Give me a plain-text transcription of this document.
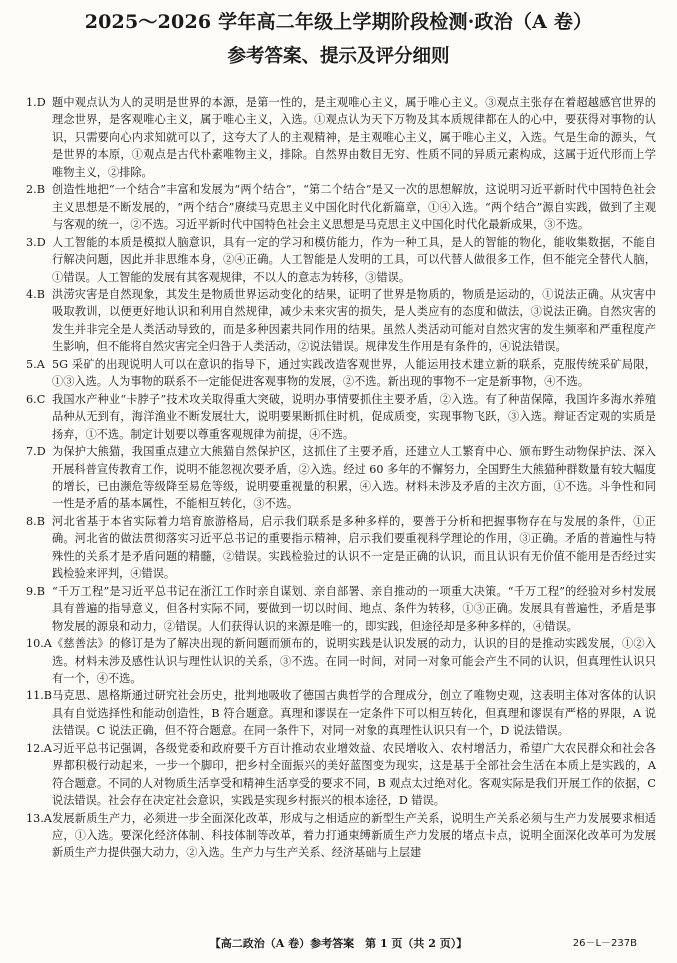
2025～2026 学年高二年级上学期阶段检测·政治（A 卷）
参考答案、提示及评分细则

1.D 题中观点认为人的灵明是世界的本源，是第一性的，是主观唯心主义，属于唯心主义。③观点主张存在着超越感官世界的理念世界，是客观唯心主义，属于唯心主义，入选。①观点认为天下万物及其本质规律都在人的心中，要获得对事物的认识，只需要向心内求知就可以了，这夸大了人的主观精神，是主观唯心主义，属于唯心主义，入选。气是生命的源头，气是世界的本原，①观点是古代朴素唯物主义，排除。自然界由数目无穷、性质不同的异质元素构成，这属于近代形而上学唯物主义，②排除。

2.B 创造性地把“一个结合”丰富和发展为“两个结合”，“第二个结合”是又一次的思想解放，这说明习近平新时代中国特色社会主义思想是不断发展的，“两个结合”赓续马克思主义中国化时代化新篇章，①④入选。“两个结合”源自实践，做到了主观与客观的统一，②不选。习近平新时代中国特色社会主义思想是马克思主义中国化时代化最新成果，③不选。

3.D 人工智能的本质是模拟人脑意识，具有一定的学习和模仿能力，作为一种工具，是人的智能的物化，能收集数据，不能自行解决问题，因此并非思维本身，②④正确。人工智能是人发明的工具，可以代替人做很多工作，但不能完全替代人脑，①错误。人工智能的发展有其客观规律，不以人的意志为转移，③错误。

4.B 洪涝灾害是自然现象，其发生是物质世界运动变化的结果，证明了世界是物质的，物质是运动的，①说法正确。从灾害中吸取教训，以便更好地认识和利用自然规律，减少未来灾害的损失，是人类应有的态度和做法，③说法正确。自然灾害的发生并非完全是人类活动导致的，而是多种因素共同作用的结果。虽然人类活动可能对自然灾害的发生频率和严重程度产生影响，但不能将自然灾害完全归咎于人类活动，②说法错误。规律发生作用是有条件的，④说法错误。

5.A 5G 采矿的出现说明人可以在意识的指导下，通过实践改造客观世界，人能运用技术建立新的联系，克服传统采矿局限，①③入选。人为事物的联系不一定能促进客观事物的发展，②不选。新出现的事物不一定是新事物，④不选。

6.C 我国水产种业“卡脖子”技术攻关取得重大突破，说明办事情要抓住主要矛盾，②入选。有了种苗保障，我国许多海水养殖品种从无到有，海洋渔业不断发展壮大，说明要果断抓住时机，促成质变，实现事物飞跃，③入选。辩证否定观的实质是扬弃，①不选。制定计划要以尊重客观规律为前提，④不选。

7.D 为保护大熊猫，我国重点建立大熊猫自然保护区，这抓住了主要矛盾，还建立人工繁育中心、颁布野生动物保护法、深入开展科普宣传教育工作，说明不能忽视次要矛盾，②入选。经过 60 多年的不懈努力，全国野生大熊猫种群数量有较大幅度的增长，已由濒危等级降至易危等级，说明要重视量的积累，④入选。材料未涉及矛盾的主次方面，①不选。斗争性和同一性是矛盾的基本属性，不能相互转化，③不选。

8.B 河北省基于本省实际着力培育旅游格局，启示我们联系是多种多样的，要善于分析和把握事物存在与发展的条件，①正确。河北省的做法贯彻落实习近平总书记的重要指示精神，启示我们要重视科学理论的作用，③正确。矛盾的普遍性与特殊性的关系才是矛盾问题的精髓，②错误。实践检验过的认识不一定是正确的认识，而且认识有无价值不能用是否经过实践检验来评判，④错误。

9.B “千万工程”是习近平总书记在浙江工作时亲自谋划、亲自部署、亲自推动的一项重大决策。“千万工程”的经验对乡村发展具有普遍的指导意义，但各村实际不同，要做到一切以时间、地点、条件为转移，①③正确。发展具有普遍性，矛盾是事物发展的源泉和动力，②错误。人们获得认识的来源是唯一的，即实践，但途径却是多种多样的，④错误。

10.A 《慈善法》的修订是为了解决出现的新问题而颁布的，说明实践是认识发展的动力，认识的目的是推动实践发展，①②入选。材料未涉及感性认识与理性认识的关系，③不选。在同一时间，对同一对象可能会产生不同的认识，但真理性认识只有一个，④不选。

11.B 马克思、恩格斯通过研究社会历史，批判地吸收了德国古典哲学的合理成分，创立了唯物史观，这表明主体对客体的认识具有自觉选择性和能动创造性，B 符合题意。真理和谬误在一定条件下可以相互转化，但真理和谬误有严格的界限，A 说法错误。C 说法正确，但不符合题意。在同一条件下，对同一对象的真理性认识只有一个，D 说法错误。

12.A 习近平总书记强调，各级党委和政府要千方百计推动农业增效益、农民增收入、农村增活力，希望广大农民群众和社会各界都积极行动起来，一步一个脚印，把乡村全面振兴的美好蓝图变为现实，这是基于全部社会生活在本质上是实践的，A 符合题意。不同的人对物质生活享受和精神生活享受的要求不同，B 观点太过绝对化。客观实际是我们开展工作的依据，C 说法错误。社会存在决定社会意识，实践是实现乡村振兴的根本途径，D 错误。

13.A 发展新质生产力，必须进一步全面深化改革，形成与之相适应的新型生产关系，说明生产关系必须与生产力发展要求相适应，①入选。要深化经济体制、科技体制等改革，着力打通束缚新质生产力发展的堵点卡点，说明全面深化改革可为发展新质生产力提供强大动力，②入选。生产力与生产关系、经济基础与上层建

【高二政治（A 卷）参考答案　第 1 页（共 2 页）】	26－L－237B
